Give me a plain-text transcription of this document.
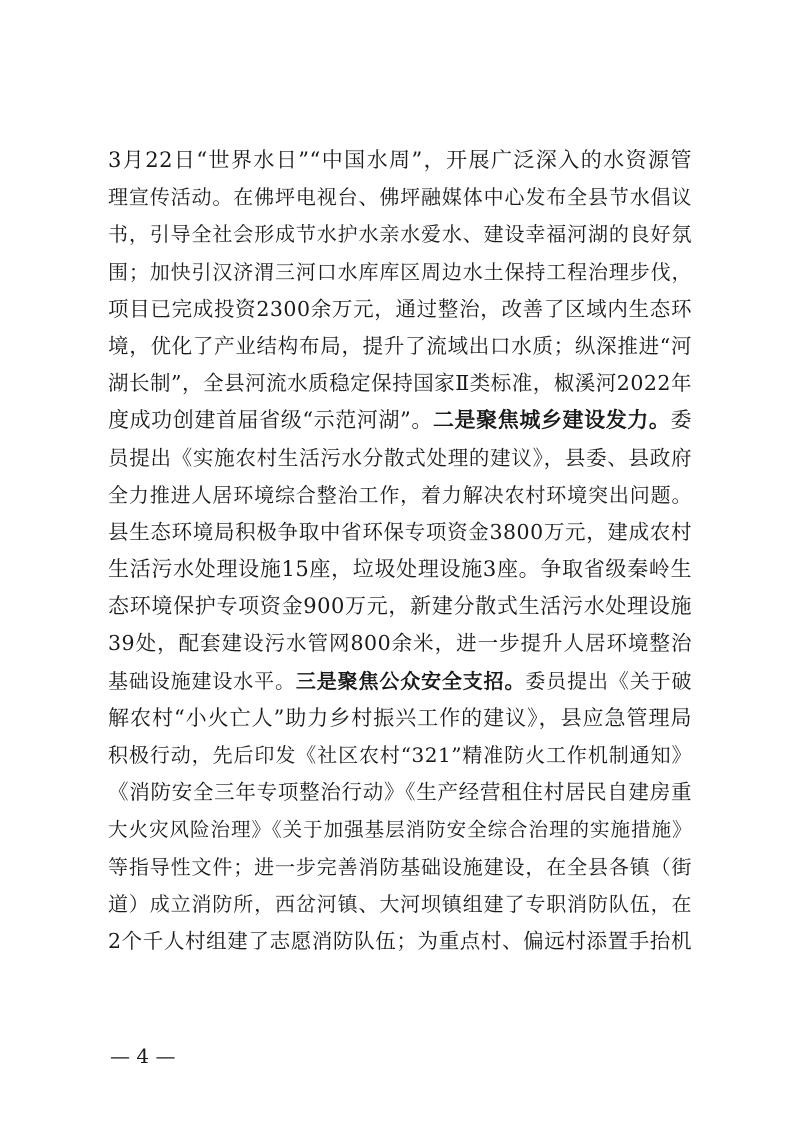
3月22日“世界水日”“中国水周”，开展广泛深入的水资源管
理宣传活动。在佛坪电视台、佛坪融媒体中心发布全县节水倡议
书，引导全社会形成节水护水亲水爱水、建设幸福河湖的良好氛
围；加快引汉济渭三河口水库库区周边水土保持工程治理步伐，
项目已完成投资2300余万元，通过整治，改善了区域内生态环
境，优化了产业结构布局，提升了流域出口水质；纵深推进“河
湖长制”，全县河流水质稳定保持国家Ⅱ类标准，椒溪河2022年
度成功创建首届省级“示范河湖”。二是聚焦城乡建设发力。委
员提出《实施农村生活污水分散式处理的建议》，县委、县政府
全力推进人居环境综合整治工作，着力解决农村环境突出问题。
县生态环境局积极争取中省环保专项资金3800万元，建成农村
生活污水处理设施15座，垃圾处理设施3座。争取省级秦岭生
态环境保护专项资金900万元，新建分散式生活污水处理设施
39处，配套建设污水管网800余米，进一步提升人居环境整治
基础设施建设水平。三是聚焦公众安全支招。委员提出《关于破
解农村“小火亡人”助力乡村振兴工作的建议》，县应急管理局
积极行动，先后印发《社区农村“321”精准防火工作机制通知》
《消防安全三年专项整治行动》《生产经营租住村居民自建房重
大火灾风险治理》《关于加强基层消防安全综合治理的实施措施》
等指导性文件；进一步完善消防基础设施建设，在全县各镇（街
道）成立消防所，西岔河镇、大河坝镇组建了专职消防队伍，在
2个千人村组建了志愿消防队伍；为重点村、偏远村添置手抬机
— 4 —
